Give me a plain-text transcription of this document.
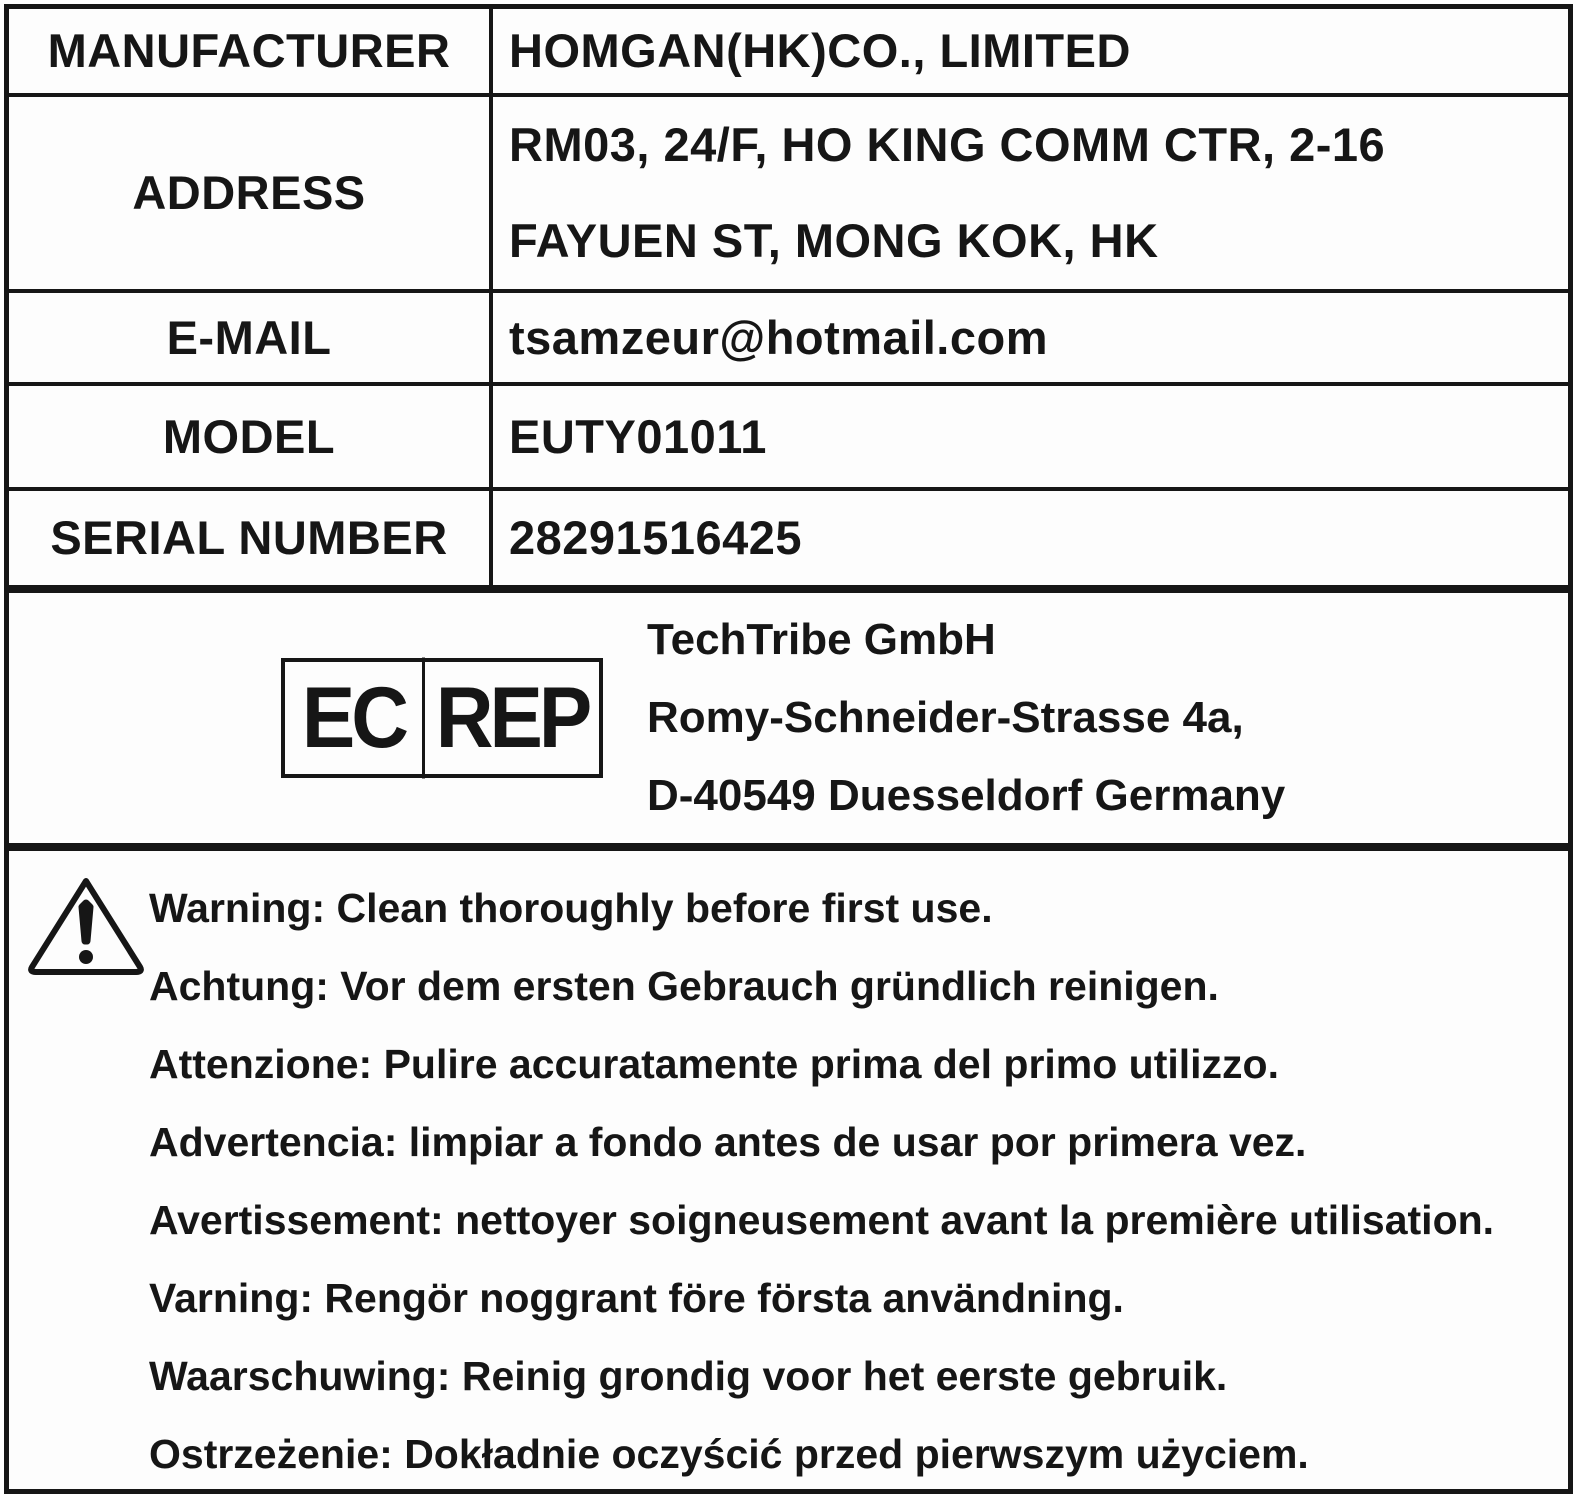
MANUFACTURER HOMGAN(HK)CO., LIMITED
ADDRESS
RM03, 24/F, HO KING COMM CTR, 2-16
FAYUEN ST, MONG KOK, HK
E-MAIL	tsamzeur@hotmail.com
MODEL	EUTY01011
SERIAL NUMBER 28291516425
EC REP
TechTribe GmbH
Romy-Schneider-Strasse 4a,
D-40549 Duesseldorf Germany
Warning: Clean thoroughly before first use.
Achtung: Vor dem ersten Gebrauch gründlich reinigen.
Attenzione: Pulire accuratamente prima del primo utilizzo.
Advertencia: limpiar a fondo antes de usar por primera vez.
Avertissement: nettoyer soigneusement avant la première utilisation.
Varning: Rengör noggrant före första användning.
Waarschuwing: Reinig grondig voor het eerste gebruik.
Ostrzeżenie: Dokładnie oczyścić przed pierwszym użyciem.
